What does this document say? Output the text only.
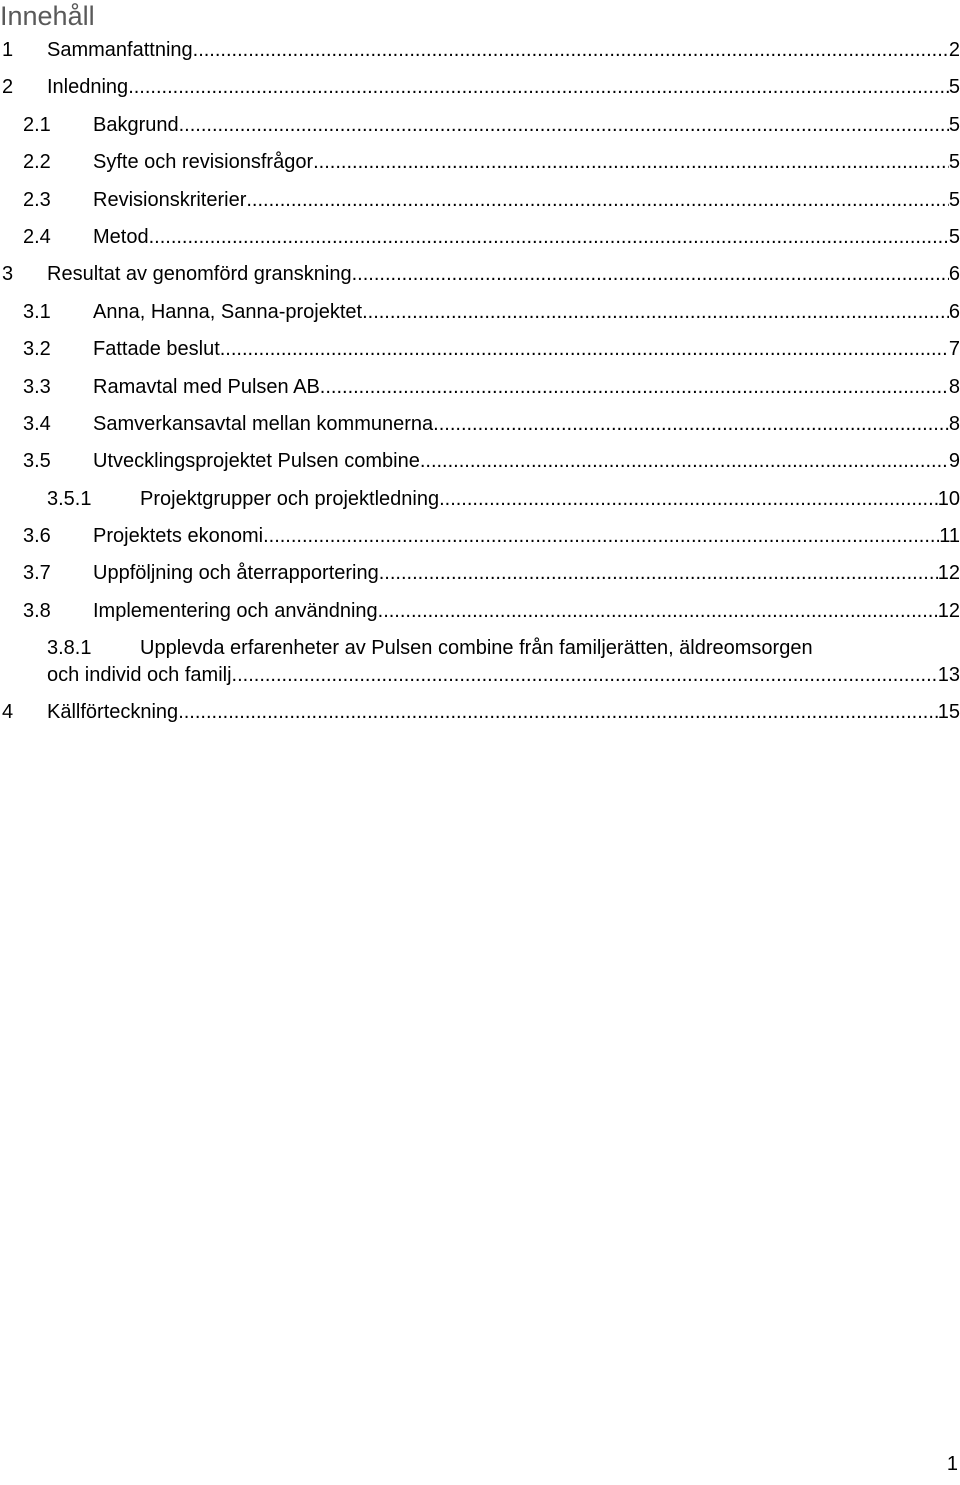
Innehåll
1 Sammanfattning .....	2
2 Inledning .....	5
2.1 Bakgrund .....	5
2.2 Syfte och revisionsfrågor .....	5
2.3 Revisionskriterier .....	5
2.4 Metod .....	5
3 Resultat av genomförd granskning .....	6
3.1 Anna, Hanna, Sanna-projektet .....	6
3.2 Fattade beslut .....	7
3.3 Ramavtal med Pulsen AB .....	8
3.4 Samverkansavtal mellan kommunerna .....	8
3.5 Utvecklingsprojektet Pulsen combine .....	9
3.5.1 Projektgrupper och projektledning .....	10
3.6 Projektets ekonomi .....	11
3.7 Uppföljning och återrapportering .....	12
3.8 Implementering och användning .....	12
3.8.1 Upplevda erfarenheter av Pulsen combine från familjerätten, äldreomsorgen
och individ och familj .....	13
4 Källförteckning .....	15
1
